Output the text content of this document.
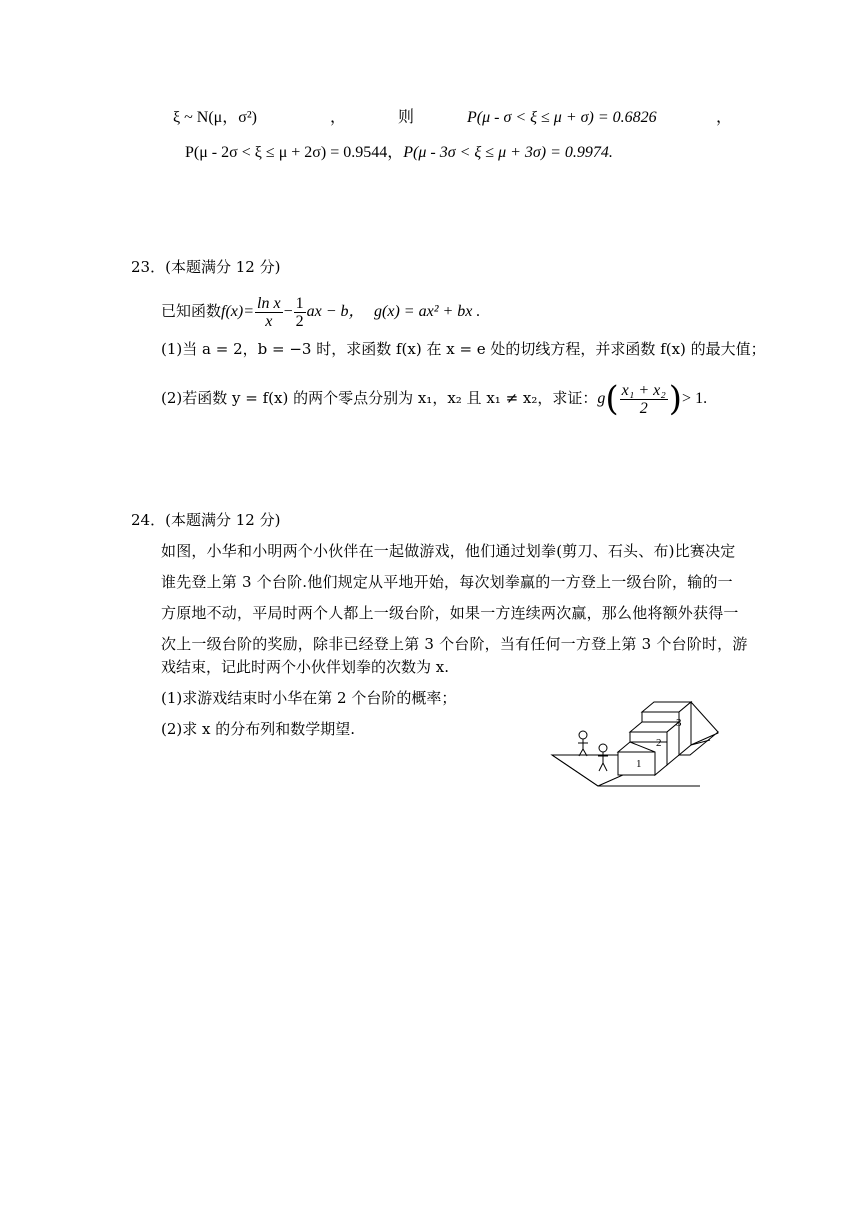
ξ ~ N(μ，σ²)	，	则	P(μ - σ < ξ ≤ μ + σ) = 0.6826	，
P(μ - 2σ < ξ ≤ μ + 2σ) = 0.9544，P(μ - 3σ < ξ ≤ μ + 3σ) = 0.9974.
23．(本题满分 12 分)
已知函数$f(x)= \frac{\text{ln x}}{x} - \frac{1}{2}$ ax − b， g(x) = ax² + bx .
(1)当 a = 2，b = −3 时，求函数 f(x) 在 x = e 处的切线方程，并求函数 f(x) 的最大值；
(2)若函数 y = f(x) 的两个零点分别为 x₁，x₂ 且 x₁ ≠ x₂，求证：$g( \frac{\text{x₁ + x₂}}{2}$ )> 1.
24．(本题满分 12 分)
如图，小华和小明两个小伙伴在一起做游戏，他们通过划拳(剪刀、石头、布)比赛决定
谁先登上第 3 个台阶.他们规定从平地开始，每次划拳赢的一方登上一级台阶，输的一
方原地不动，平局时两个人都上一级台阶，如果一方连续两次赢，那么他将额外获得一
次上一级台阶的奖励，除非已经登上第 3 个台阶，当有任何一方登上第 3 个台阶时，游
戏结束，记此时两个小伙伴划拳的次数为 x.
(1)求游戏结束时小华在第 2 个台阶的概率；
(2)求 x 的分布列和数学期望.
1
2
3
